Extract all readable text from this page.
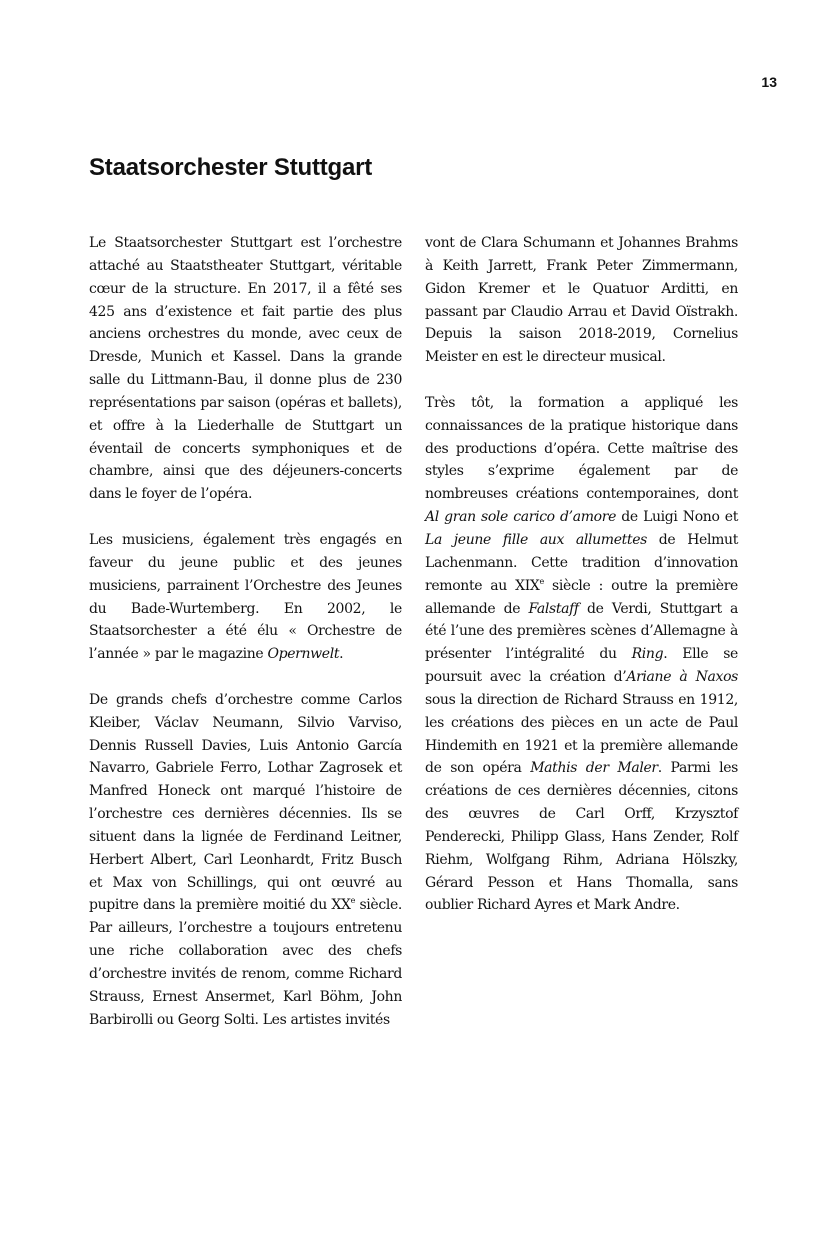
13
Staatsorchester Stuttgart

Le Staatsorchester Stuttgart est l’orchestre attaché au Staatstheater Stuttgart, véritable cœur de la structure. En 2017, il a fêté ses 425 ans d’existence et fait partie des plus anciens orchestres du monde, avec ceux de Dresde, Munich et Kassel. Dans la grande salle du Littmann-Bau, il donne plus de 230 représentations par saison (opéras et ballets), et offre à la Liederhalle de Stuttgart un éventail de concerts symphoniques et de chambre, ainsi que des déjeuners-concerts dans le foyer de l’opéra.

Les musiciens, également très engagés en faveur du jeune public et des jeunes musiciens, parrainent l’Orchestre des Jeunes du Bade-Wurtemberg. En 2002, le Staatsorchester a été élu « Orchestre de l’année » par le magazine Opernwelt.

De grands chefs d’orchestre comme Carlos Kleiber, Václav Neumann, Silvio Varviso, Dennis Russell Davies, Luis Antonio García Navarro, Gabriele Ferro, Lothar Zagrosek et Manfred Honeck ont marqué l’histoire de l’orchestre ces dernières décennies. Ils se situent dans la lignée de Ferdinand Leitner, Herbert Albert, Carl Leonhardt, Fritz Busch et Max von Schillings, qui ont œuvré au pupitre dans la première moitié du XXe siècle. Par ailleurs, l’orchestre a toujours entretenu une riche collaboration avec des chefs d’orchestre invités de renom, comme Richard Strauss, Ernest Ansermet, Karl Böhm, John Barbirolli ou Georg Solti. Les artistes invités

vont de Clara Schumann et Johannes Brahms à Keith Jarrett, Frank Peter Zimmermann, Gidon Kremer et le Quatuor Arditti, en passant par Claudio Arrau et David Oïstrakh. Depuis la saison 2018-2019, Cornelius Meister en est le directeur musical.

Très tôt, la formation a appliqué les connaissances de la pratique historique dans des productions d’opéra. Cette maîtrise des styles s’exprime également par de nombreuses créations contemporaines, dont Al gran sole carico d’amore de Luigi Nono et La jeune fille aux allumettes de Helmut Lachenmann. Cette tradition d’innovation remonte au XIXe siècle : outre la première allemande de Falstaff de Verdi, Stuttgart a été l’une des premières scènes d’Allemagne à présenter l’intégralité du Ring. Elle se poursuit avec la création d’Ariane à Naxos sous la direction de Richard Strauss en 1912, les créations des pièces en un acte de Paul Hindemith en 1921 et la première allemande de son opéra Mathis der Maler. Parmi les créations de ces dernières décennies, citons des œuvres de Carl Orff, Krzysztof Penderecki, Philipp Glass, Hans Zender, Rolf Riehm, Wolfgang Rihm, Adriana Hölszky, Gérard Pesson et Hans Thomalla, sans oublier Richard Ayres et Mark Andre.
